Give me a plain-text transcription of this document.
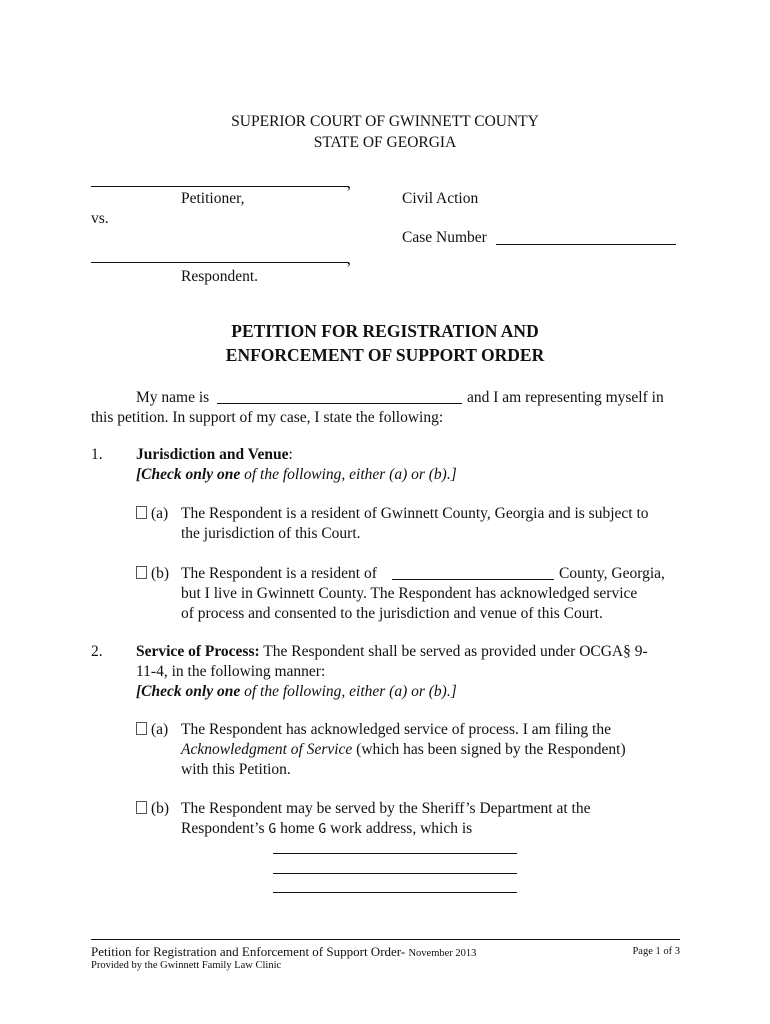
SUPERIOR COURT OF GWINNETT COUNTY
STATE OF GEORGIA
,
Petitioner,	Civil Action
vs.
Case Number
,
Respondent.
PETITION FOR REGISTRATION AND
ENFORCEMENT OF SUPPORT ORDER
My name is	and I am representing myself in
this petition. In support of my case, I state the following:
1. Jurisdiction and Venue:
[Check only one of the following, either (a) or (b).]
(a) The Respondent is a resident of Gwinnett County, Georgia and is subject to
the jurisdiction of this Court.
(b) The Respondent is a resident of	County, Georgia,
but I live in Gwinnett County. The Respondent has acknowledged service
of process and consented to the jurisdiction and venue of this Court.
2. Service of Process: The Respondent shall be served as provided under OCGA§ 9-
11-4, in the following manner:
[Check only one of the following, either (a) or (b).]
(a) The Respondent has acknowledged service of process. I am filing the
Acknowledgment of Service (which has been signed by the Respondent)
with this Petition.
(b) The Respondent may be served by the Sheriff’s Department at the
Respondent’s G home G work address, which is
Petition for Registration and Enforcement of Support Order- November 2013	Page 1 of 3
Provided by the Gwinnett Family Law Clinic
